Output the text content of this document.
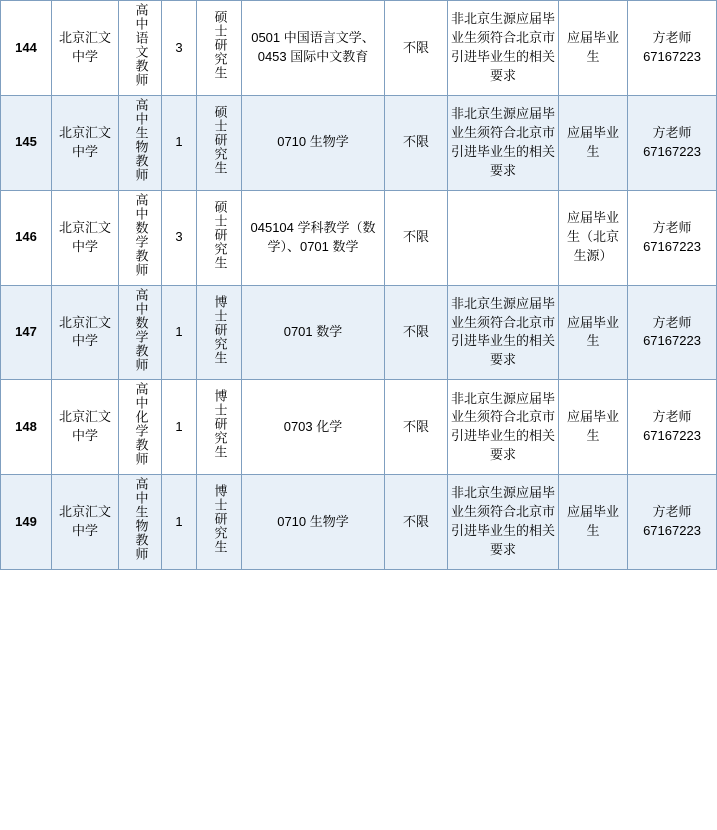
144	北京汇文中学	高中语文教师	3	硕士研究生	0501 中国语言文学、0453 国际中文教育	不限	非北京生源应届毕业生须符合北京市引进毕业生的相关要求	应届毕业生	方老师
67167223

145	北京汇文中学	高中生物教师	1	硕士研究生	0710 生物学	不限	非北京生源应届毕业生须符合北京市引进毕业生的相关要求	应届毕业生	方老师
67167223

146	北京汇文中学	高中数学教师	3	硕士研究生	045104 学科教学（数学）、0701 数学	不限		应届毕业生（北京生源）	方老师
67167223

147	北京汇文中学	高中数学教师	1	博士研究生	0701 数学	不限	非北京生源应届毕业生须符合北京市引进毕业生的相关要求	应届毕业生	方老师
67167223

148	北京汇文中学	高中化学教师	1	博士研究生	0703 化学	不限	非北京生源应届毕业生须符合北京市引进毕业生的相关要求	应届毕业生	方老师
67167223

149	北京汇文中学	高中生物教师	1	博士研究生	0710 生物学	不限	非北京生源应届毕业生须符合北京市引进毕业生的相关要求	应届毕业生	方老师
67167223
